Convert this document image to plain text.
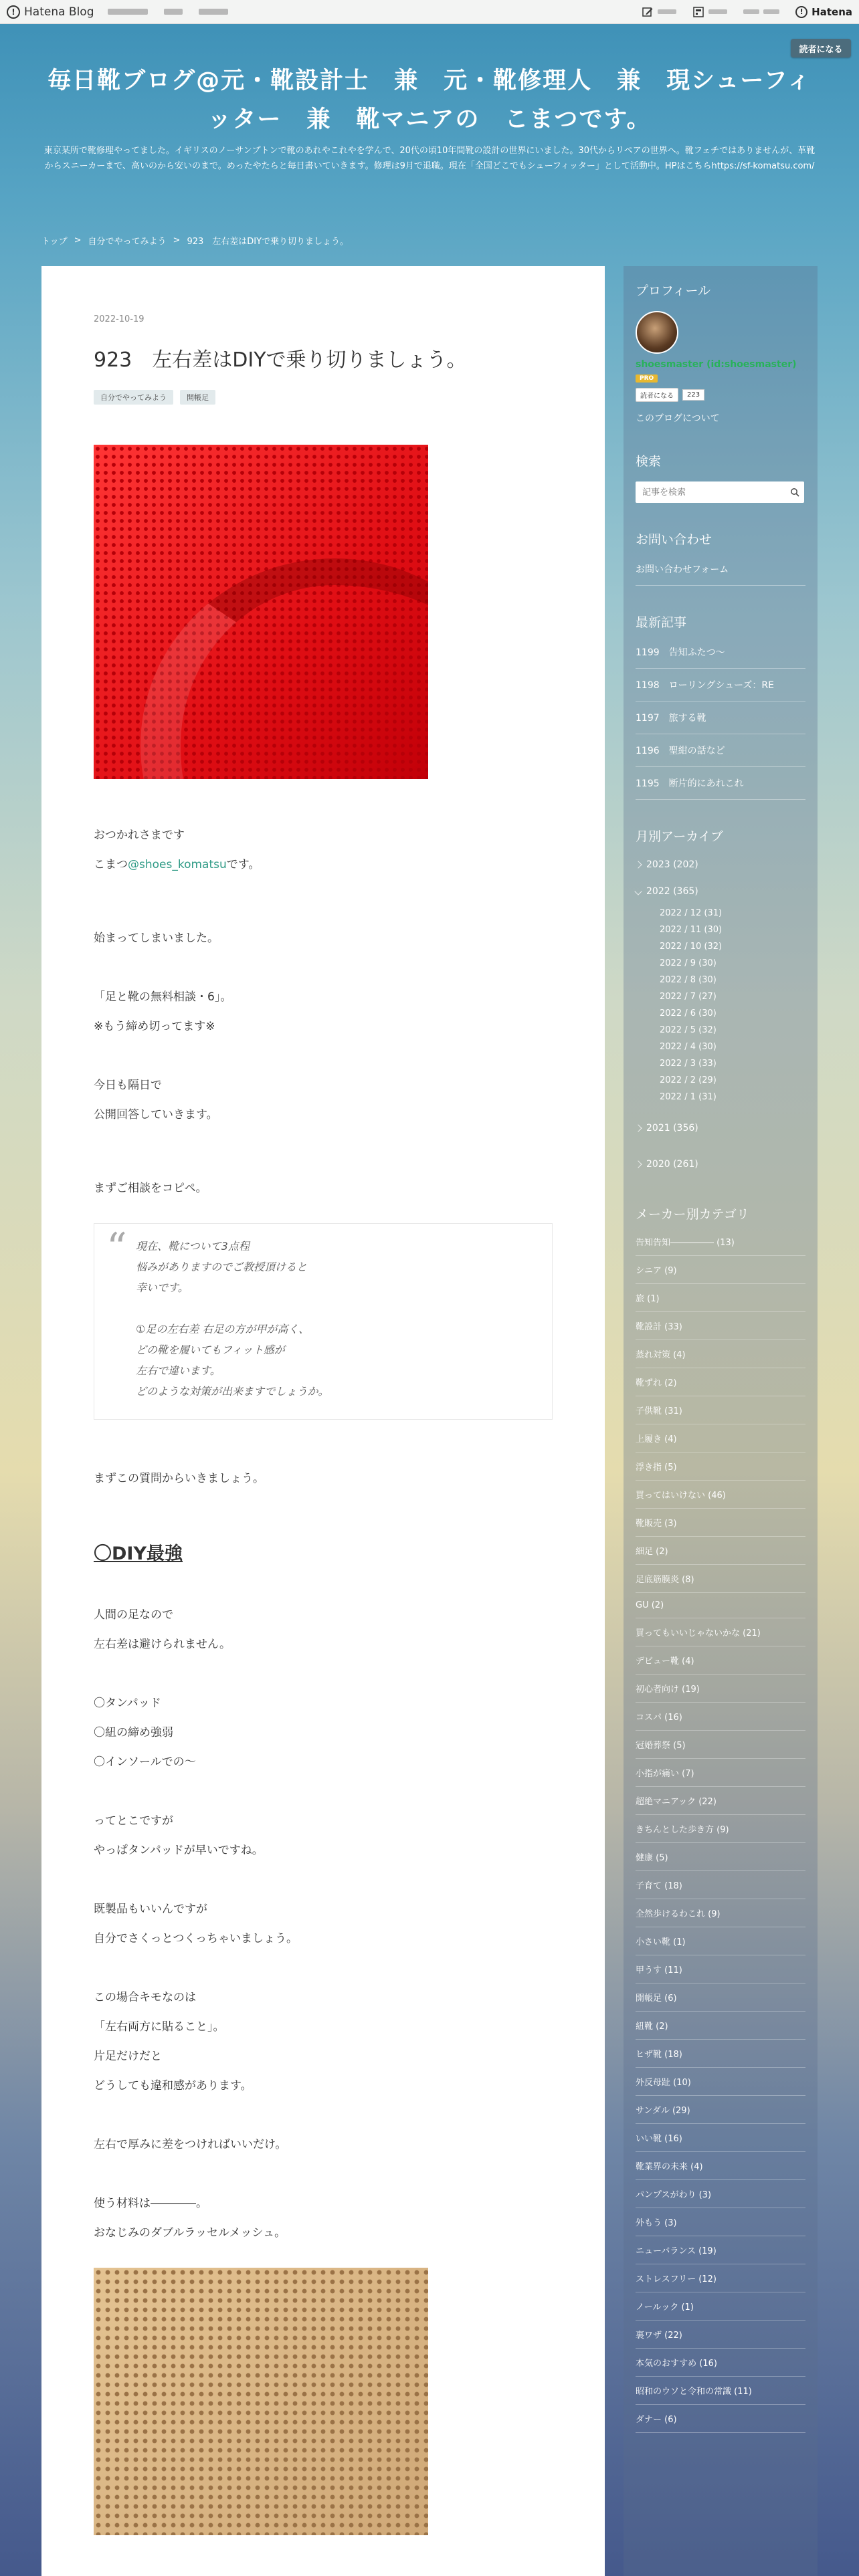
! Hatena Blog	! Hatena
読者になる
毎日靴ブログ@元・靴設計士　兼　元・靴修理人　兼　現シューフィッター　兼　靴マニアの　こまつです。
東京某所で靴修理やってました。イギリスのノーサンプトンで靴のあれやこれやを学んで、20代の頃10年間靴の設計の世界にいました。30代からリペアの世界へ。靴フェチではありませんが、革靴からスニーカーまで、高いのから安いのまで。めったやたらと毎日書いていきます。修理は9月で退職。現在「全国どこでもシューフィッター」として活動中。HPはこちらhttps://sf-komatsu.com/
トップ > 自分でやってみよう > 923　左右差はDIYで乗り切りましょう。
2022-10-19
923　左右差はDIYで乗り切りましょう。
自分でやってみよう	開帳足

おつかれさまです

こまつ@shoes_komatsuです。

始まってしまいました。

「足と靴の無料相談・6」。

※もう締め切ってます※

今日も隔日で

公開回答していきます。

まずご相談をコピペ。

“ 現在、靴について3点程

悩みがありますのでご教授頂けると

幸いです。

①足の左右差 右足の方が甲が高く、

どの靴を履いてもフィット感が

左右で違います。

どのような対策が出来ますでしょうか。

まずこの質問からいきましょう。

〇DIY最強

人間の足なので

左右差は避けられません。

〇タンパッド

〇紐の締め強弱

〇インソールでの〜

ってとこですが

やっぱタンパッドが早いですね。

既製品もいいんですが

自分でさくっとつくっちゃいましょう。

この場合キモなのは

「左右両方に貼ること」。

片足だけだと

どうしても違和感があります。

左右で厚みに差をつければいいだけ。

使う材料は――――。

おなじみのダブルラッセルメッシュ。

プロフィール
shoesmaster (id:shoesmaster)
PRO
読者になる	223
このブログについて
検索
記事を検索
お問い合わせ
お問い合わせフォーム
最新記事
1199　告知ふたつ〜
1198　ローリングシューズ：RE
1197　旅する靴
1196　聖紺の話など
1195　断片的にあれこれ
月別アーカイブ
2023 (202)
2022 (365)
2022 / 12 (31)
2022 / 11 (30)
2022 / 10 (32)
2022 / 9 (30)
2022 / 8 (30)
2022 / 7 (27)
2022 / 6 (30)
2022 / 5 (32)
2022 / 4 (30)
2022 / 3 (33)
2022 / 2 (29)
2022 / 1 (31)
2021 (356)
2020 (261)
メーカー別カテゴリ
告知告知――――― (13)
シニア (9)
旅 (1)
靴設計 (33)
蒸れ対策 (4)
靴ずれ (2)
子供靴 (31)
上履き (4)
浮き指 (5)
買ってはいけない (46)
靴販売 (3)
細足 (2)
足底筋膜炎 (8)
GU (2)
買ってもいいじゃないかな (21)
デビュー靴 (4)
初心者向け (19)
コスパ (16)
冠婚葬祭 (5)
小指が痛い (7)
超絶マニアック (22)
きちんとした歩き方 (9)
健康 (5)
子育て (18)
全然歩けるわこれ (9)
小さい靴 (1)
甲うす (11)
開帳足 (6)
紐靴 (2)
ヒザ靴 (18)
外反母趾 (10)
サンダル (29)
いい靴 (16)
靴業界の未来 (4)
パンプスがわり (3)
外もう (3)
ニューバランス (19)
ストレスフリー (12)
ノールック (1)
裏ワザ (22)
本気のおすすめ (16)
昭和のウソと令和の常識 (11)
ダナー (6)
